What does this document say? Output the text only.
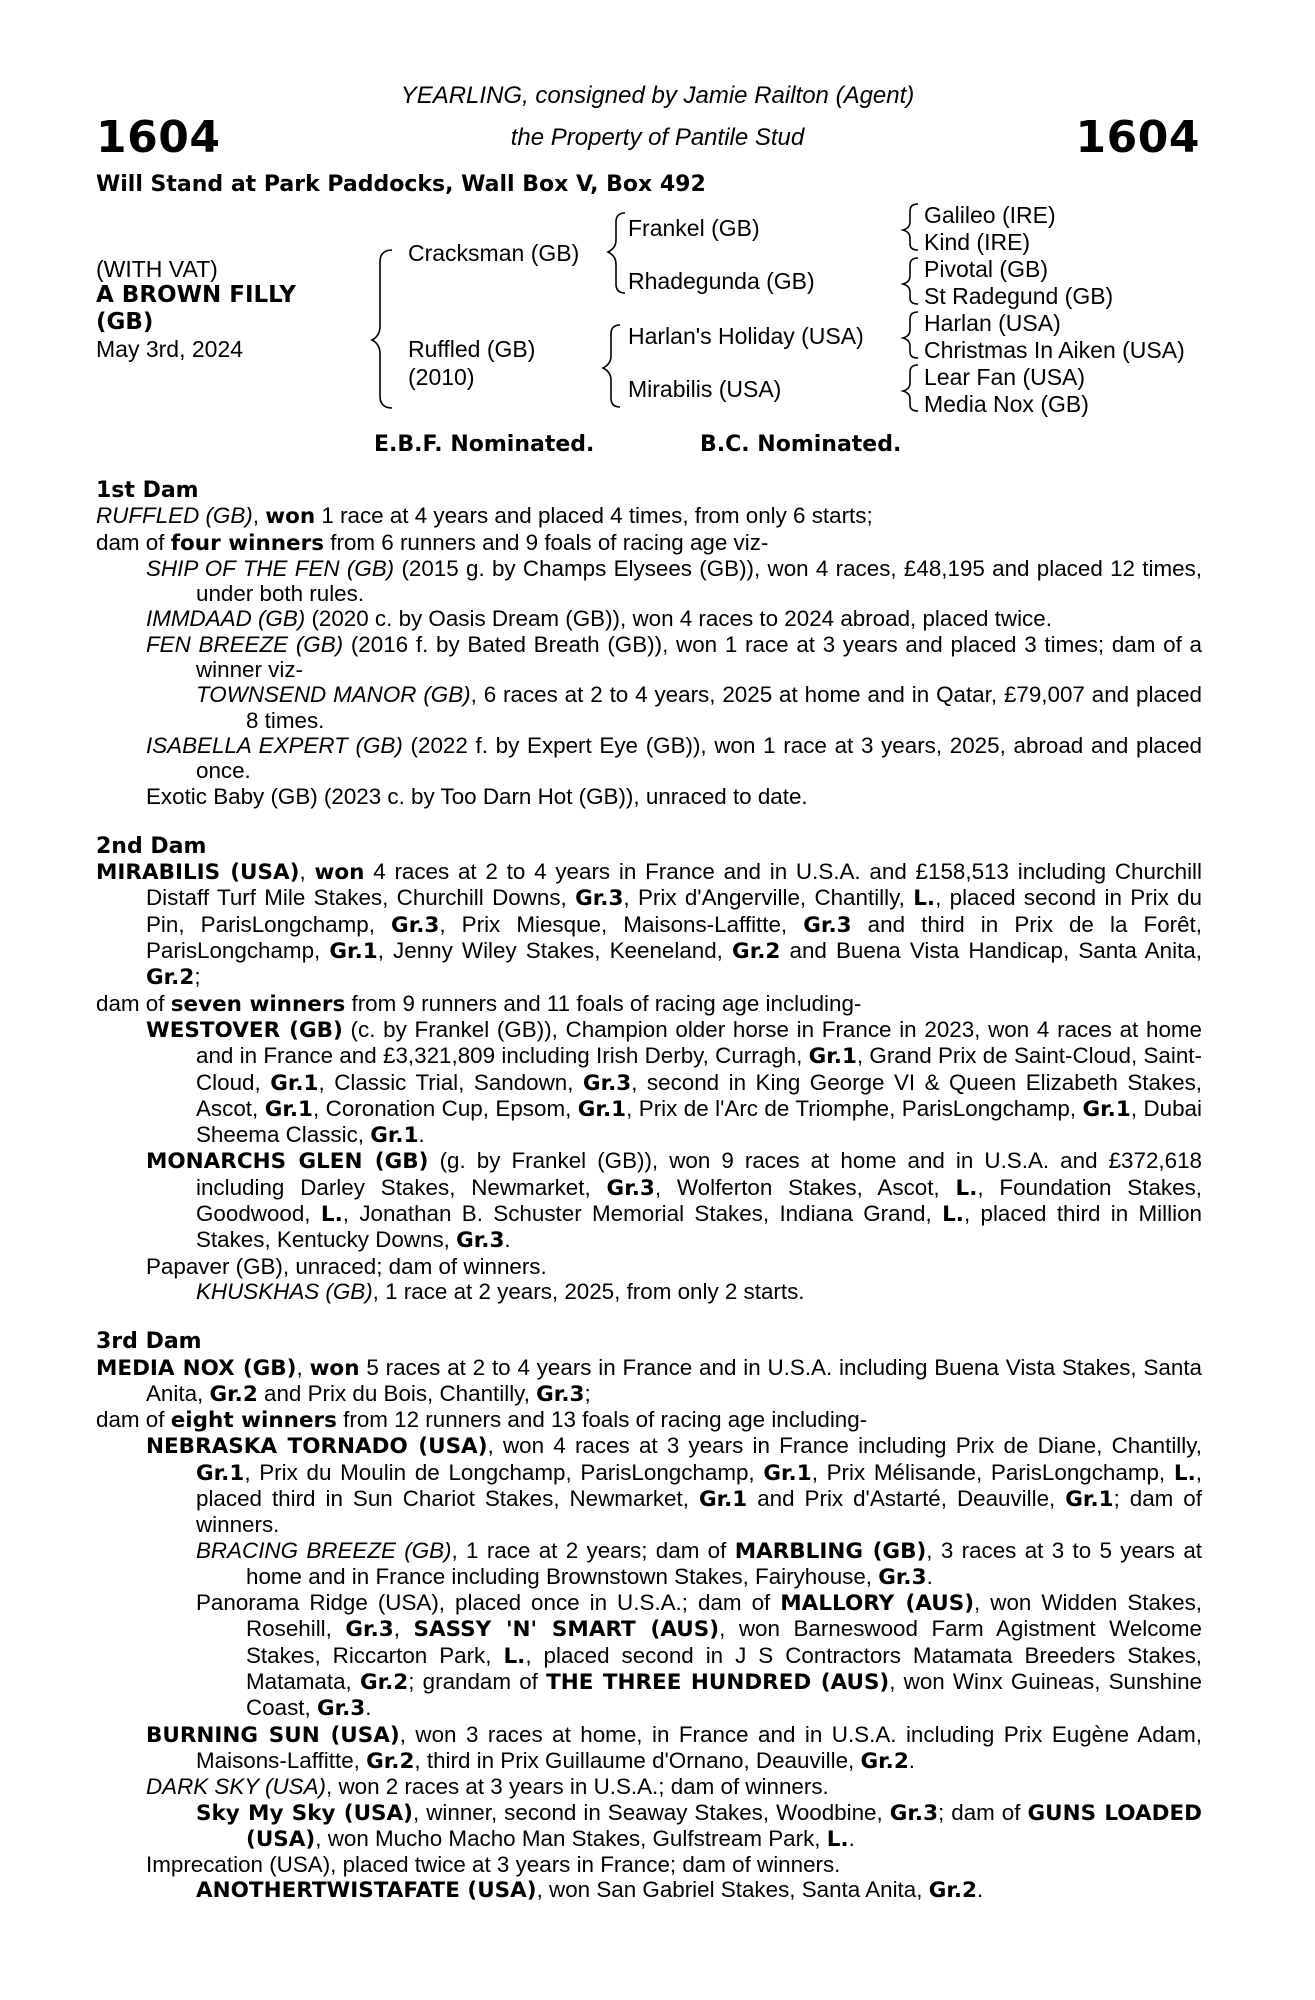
1604	1604
YEARLING, consigned by Jamie Railton (Agent)
the Property of Pantile Stud
Will Stand at Park Paddocks, Wall Box V, Box 492
(WITH VAT)
A BROWN FILLY
(GB)
May 3rd, 2024
Cracksman (GB)
Ruffled (GB)
(2010)
Frankel (GB)
Rhadegunda (GB)
Harlan's Holiday (USA)
Mirabilis (USA)
Galileo (IRE)
Kind (IRE)
Pivotal (GB)
St Radegund (GB)
Harlan (USA)
Christmas In Aiken (USA)
Lear Fan (USA)
Media Nox (GB)
E.B.F. Nominated.	B.C. Nominated.
1st Dam

RUFFLED (GB), won 1 race at 4 years and placed 4 times, from only 6 starts;

dam of four winners from 6 runners and 9 foals of racing age viz-

SHIP OF THE FEN (GB) (2015 g. by Champs Elysees (GB)), won 4 races, £48,195 and placed 12 times, under both rules.

IMMDAAD (GB) (2020 c. by Oasis Dream (GB)), won 4 races to 2024 abroad, placed twice.

FEN BREEZE (GB) (2016 f. by Bated Breath (GB)), won 1 race at 3 years and placed 3 times; dam of a winner viz-

TOWNSEND MANOR (GB), 6 races at 2 to 4 years, 2025 at home and in Qatar, £79,007 and placed 8 times.

ISABELLA EXPERT (GB) (2022 f. by Expert Eye (GB)), won 1 race at 3 years, 2025, abroad and placed once.

Exotic Baby (GB) (2023 c. by Too Darn Hot (GB)), unraced to date.

2nd Dam

MIRABILIS (USA), won 4 races at 2 to 4 years in France and in U.S.A. and £158,513 including Churchill Distaff Turf Mile Stakes, Churchill Downs, Gr.3, Prix d'Angerville, Chantilly, L., placed second in Prix du Pin, ParisLongchamp, Gr.3, Prix Miesque, Maisons-Laffitte, Gr.3 and third in Prix de la Forêt, ParisLongchamp, Gr.1, Jenny Wiley Stakes, Keeneland, Gr.2 and Buena Vista Handicap, Santa Anita, Gr.2;

dam of seven winners from 9 runners and 11 foals of racing age including-

WESTOVER (GB) (c. by Frankel (GB)), Champion older horse in France in 2023, won 4 races at home and in France and £3,321,809 including Irish Derby, Curragh, Gr.1, Grand Prix de Saint-Cloud, Saint-Cloud, Gr.1, Classic Trial, Sandown, Gr.3, second in King George VI & Queen Elizabeth Stakes, Ascot, Gr.1, Coronation Cup, Epsom, Gr.1, Prix de l'Arc de Triomphe, ParisLongchamp, Gr.1, Dubai Sheema Classic, Gr.1.

MONARCHS GLEN (GB) (g. by Frankel (GB)), won 9 races at home and in U.S.A. and £372,618 including Darley Stakes, Newmarket, Gr.3, Wolferton Stakes, Ascot, L., Foundation Stakes, Goodwood, L., Jonathan B. Schuster Memorial Stakes, Indiana Grand, L., placed third in Million Stakes, Kentucky Downs, Gr.3.

Papaver (GB), unraced; dam of winners.

KHUSKHAS (GB), 1 race at 2 years, 2025, from only 2 starts.

3rd Dam

MEDIA NOX (GB), won 5 races at 2 to 4 years in France and in U.S.A. including Buena Vista Stakes, Santa Anita, Gr.2 and Prix du Bois, Chantilly, Gr.3;

dam of eight winners from 12 runners and 13 foals of racing age including-

NEBRASKA TORNADO (USA), won 4 races at 3 years in France including Prix de Diane, Chantilly, Gr.1, Prix du Moulin de Longchamp, ParisLongchamp, Gr.1, Prix Mélisande, ParisLongchamp, L., placed third in Sun Chariot Stakes, Newmarket, Gr.1 and Prix d'Astarté, Deauville, Gr.1; dam of winners.

BRACING BREEZE (GB), 1 race at 2 years; dam of MARBLING (GB), 3 races at 3 to 5 years at home and in France including Brownstown Stakes, Fairyhouse, Gr.3.

Panorama Ridge (USA), placed once in U.S.A.; dam of MALLORY (AUS), won Widden Stakes, Rosehill, Gr.3, SASSY 'N' SMART (AUS), won Barneswood Farm Agistment Welcome Stakes, Riccarton Park, L., placed second in J S Contractors Matamata Breeders Stakes, Matamata, Gr.2; grandam of THE THREE HUNDRED (AUS), won Winx Guineas, Sunshine Coast, Gr.3.

BURNING SUN (USA), won 3 races at home, in France and in U.S.A. including Prix Eugène Adam, Maisons-Laffitte, Gr.2, third in Prix Guillaume d'Ornano, Deauville, Gr.2.

DARK SKY (USA), won 2 races at 3 years in U.S.A.; dam of winners.

Sky My Sky (USA), winner, second in Seaway Stakes, Woodbine, Gr.3; dam of GUNS LOADED (USA), won Mucho Macho Man Stakes, Gulfstream Park, L..

Imprecation (USA), placed twice at 3 years in France; dam of winners.

ANOTHERTWISTAFATE (USA), won San Gabriel Stakes, Santa Anita, Gr.2.
